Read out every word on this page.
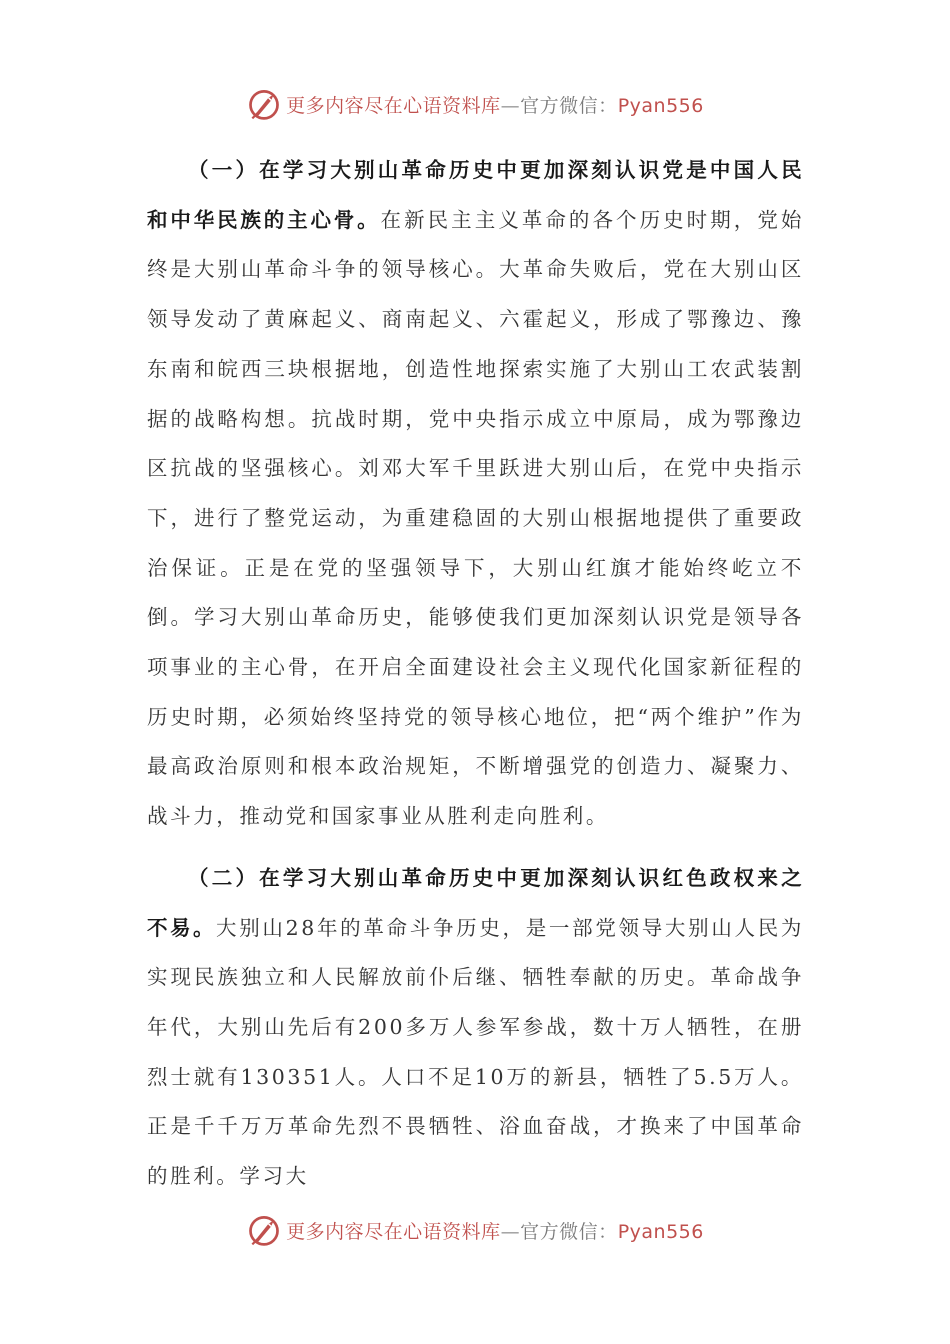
更多内容尽在心语资料库—官方微信：Pyan556

（一）在学习大别山革命历史中更加深刻认识党是中国人民和中华民族的主心骨。在新民主主义革命的各个历史时期，党始终是大别山革命斗争的领导核心。大革命失败后，党在大别山区领导发动了黄麻起义、商南起义、六霍起义，形成了鄂豫边、豫东南和皖西三块根据地，创造性地探索实施了大别山工农武装割据的战略构想。抗战时期，党中央指示成立中原局，成为鄂豫边区抗战的坚强核心。刘邓大军千里跃进大别山后，在党中央指示下，进行了整党运动，为重建稳固的大别山根据地提供了重要政治保证。正是在党的坚强领导下，大别山红旗才能始终屹立不倒。学习大别山革命历史，能够使我们更加深刻认识党是领导各项事业的主心骨，在开启全面建设社会主义现代化国家新征程的历史时期，必须始终坚持党的领导核心地位，把“两个维护”作为最高政治原则和根本政治规矩，不断增强党的创造力、凝聚力、战斗力，推动党和国家事业从胜利走向胜利。

（二）在学习大别山革命历史中更加深刻认识红色政权来之不易。大别山28年的革命斗争历史，是一部党领导大别山人民为实现民族独立和人民解放前仆后继、牺牲奉献的历史。革命战争年代，大别山先后有200多万人参军参战，数十万人牺牲，在册烈士就有130351人。人口不足10万的新县，牺牲了5.5万人。正是千千万万革命先烈不畏牺牲、浴血奋战，才换来了中国革命的胜利。学习大

更多内容尽在心语资料库—官方微信：Pyan556
